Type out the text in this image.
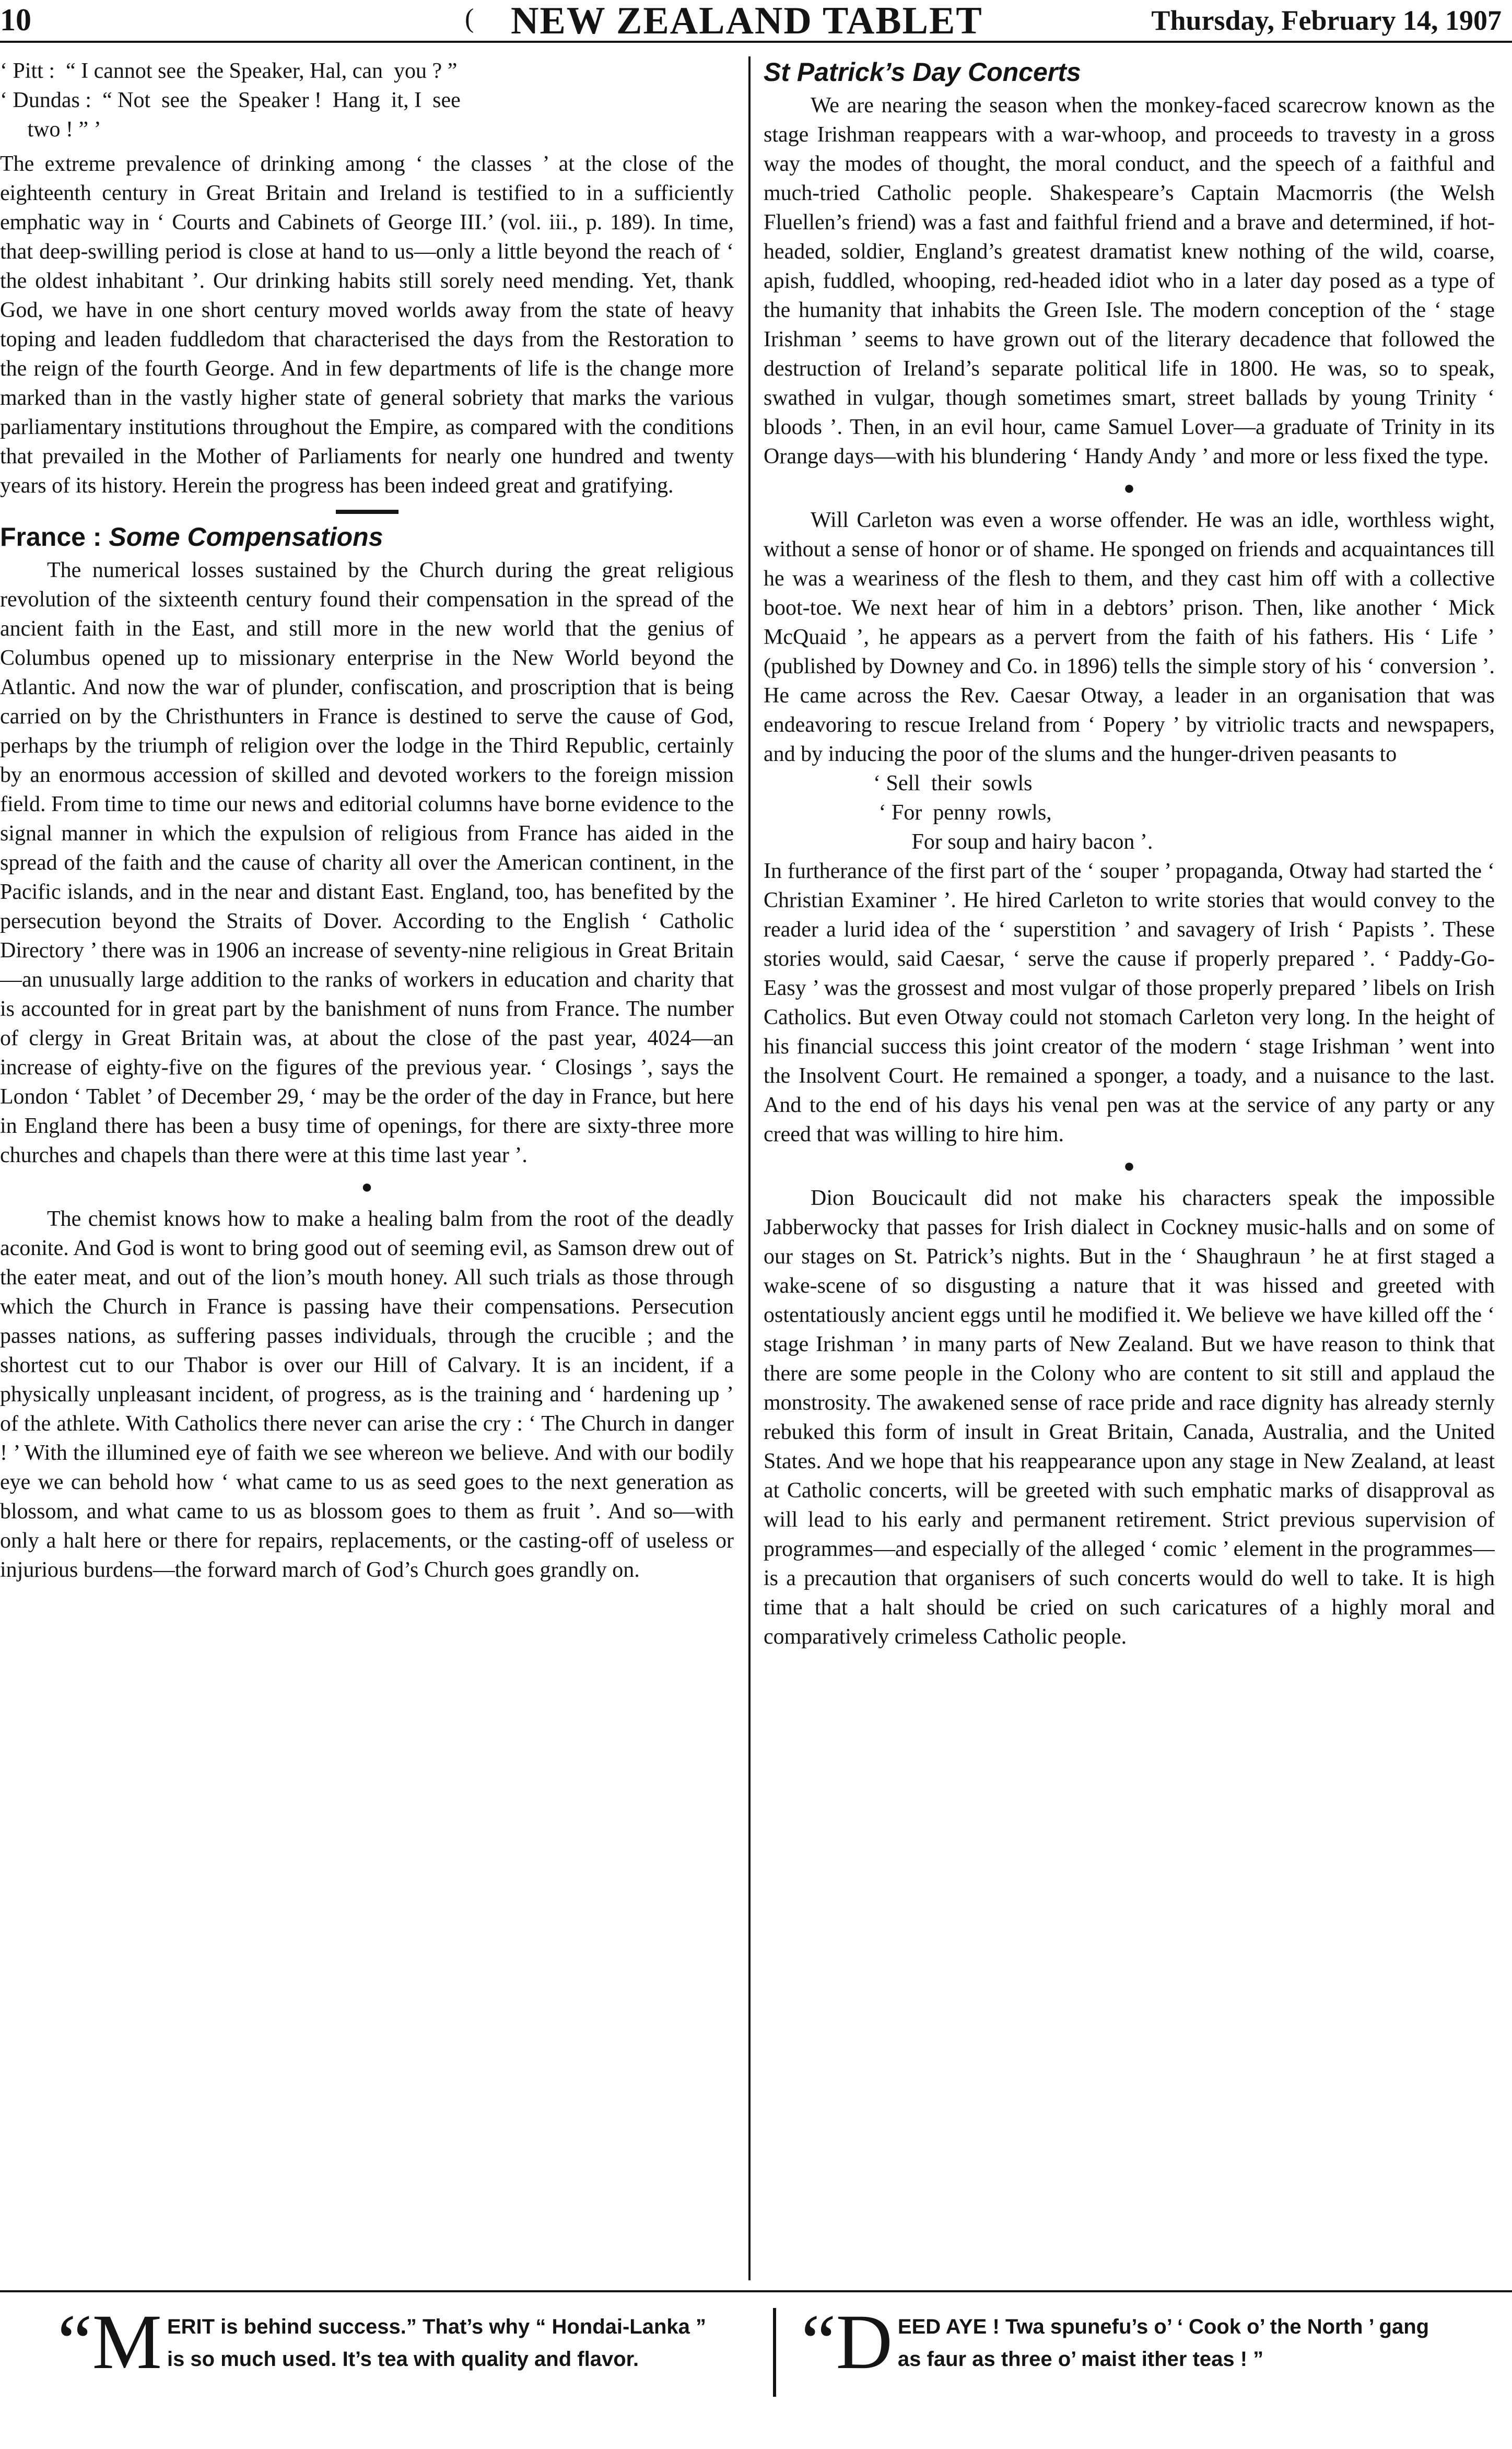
10	( NEW ZEALAND TABLET	Thursday, February 14, 1907
‘ Pitt :  “ I cannot see  the Speaker, Hal, can  you ? ”
‘ Dundas :  “ Not  see  the  Speaker !  Hang  it, I  see
two ! ” ’

The extreme prevalence of drinking among ‘ the classes ’ at the close of the eighteenth century in Great Britain and Ireland is testified to in a sufficiently emphatic way in ‘ Courts and Cabinets of George III.’ (vol. iii., p. 189). In time, that deep-swilling period is close at hand to us—only a little beyond the reach of ‘ the oldest inhabitant ’. Our drinking habits still sorely need mending. Yet, thank God, we have in one short century moved worlds away from the state of heavy toping and leaden fuddledom that characterised the days from the Restoration to the reign of the fourth George. And in few departments of life is the change more marked than in the vastly higher state of general sobriety that marks the various parliamentary institutions throughout the Empire, as compared with the conditions that prevailed in the Mother of Parliaments for nearly one hundred and twenty years of its history. Herein the progress has been indeed great and gratifying.

France : Some Compensations

The numerical losses sustained by the Church during the great religious revolution of the sixteenth century found their compensation in the spread of the ancient faith in the East, and still more in the new world that the genius of Columbus opened up to missionary enterprise in the New World beyond the Atlantic. And now the war of plunder, confiscation, and proscription that is being carried on by the Christhunters in France is destined to serve the cause of God, perhaps by the triumph of religion over the lodge in the Third Republic, certainly by an enormous accession of skilled and devoted workers to the foreign mission field. From time to time our news and editorial columns have borne evidence to the signal manner in which the expulsion of religious from France has aided in the spread of the faith and the cause of charity all over the American continent, in the Pacific islands, and in the near and distant East. England, too, has benefited by the persecution beyond the Straits of Dover. According to the English ‘ Catholic Directory ’ there was in 1906 an increase of seventy-nine religious in Great Britain—an unusually large addition to the ranks of workers in education and charity that is accounted for in great part by the banishment of nuns from France. The number of clergy in Great Britain was, at about the close of the past year, 4024—an increase of eighty-five on the figures of the previous year. ‘ Closings ’, says the London ‘ Tablet ’ of December 29, ‘ may be the order of the day in France, but here in England there has been a busy time of openings, for there are sixty-three more churches and chapels than there were at this time last year ’.

●

The chemist knows how to make a healing balm from the root of the deadly aconite. And God is wont to bring good out of seeming evil, as Samson drew out of the eater meat, and out of the lion’s mouth honey. All such trials as those through which the Church in France is passing have their compensations. Persecution passes nations, as suffering passes individuals, through the crucible ; and the shortest cut to our Thabor is over our Hill of Calvary. It is an incident, if a physically unpleasant incident, of progress, as is the training and ‘ hardening up ’ of the athlete. With Catholics there never can arise the cry : ‘ The Church in danger ! ’ With the illumined eye of faith we see whereon we believe. And with our bodily eye we can behold how ‘ what came to us as seed goes to the next generation as blossom, and what came to us as blossom goes to them as fruit ’. And so—with only a halt here or there for repairs, replacements, or the casting-off of useless or injurious burdens—the forward march of God’s Church goes grandly on.

St Patrick’s Day Concerts

We are nearing the season when the monkey-faced scarecrow known as the stage Irishman reappears with a war-whoop, and proceeds to travesty in a gross way the modes of thought, the moral conduct, and the speech of a faithful and much-tried Catholic people. Shakespeare’s Captain Macmorris (the Welsh Fluellen’s friend) was a fast and faithful friend and a brave and determined, if hot-headed, soldier, England’s greatest dramatist knew nothing of the wild, coarse, apish, fuddled, whooping, red-headed idiot who in a later day posed as a type of the humanity that inhabits the Green Isle. The modern conception of the ‘ stage Irishman ’ seems to have grown out of the literary decadence that followed the destruction of Ireland’s separate political life in 1800. He was, so to speak, swathed in vulgar, though sometimes smart, street ballads by young Trinity ‘ bloods ’. Then, in an evil hour, came Samuel Lover—a graduate of Trinity in its Orange days—with his blundering ‘ Handy Andy ’ and more or less fixed the type.

●

Will Carleton was even a worse offender. He was an idle, worthless wight, without a sense of honor or of shame. He sponged on friends and acquaintances till he was a weariness of the flesh to them, and they cast him off with a collective boot-toe. We next hear of him in a debtors’ prison. Then, like another ‘ Mick McQuaid ’, he appears as a pervert from the faith of his fathers. His ‘ Life ’ (published by Downey and Co. in 1896) tells the simple story of his ‘ conversion ’. He came across the Rev. Caesar Otway, a leader in an organisation that was endeavoring to rescue Ireland from ‘ Popery ’ by vitriolic tracts and newspapers, and by inducing the poor of the slums and the hunger-driven peasants to

‘ Sell  their  sowls
‘ For  penny  rowls,
For soup and hairy bacon ’.

In furtherance of the first part of the ‘ souper ’ propaganda, Otway had started the ‘ Christian Examiner ’. He hired Carleton to write stories that would convey to the reader a lurid idea of the ‘ superstition ’ and savagery of Irish ‘ Papists ’. These stories would, said Caesar, ‘ serve the cause if properly prepared ’. ‘ Paddy-Go-Easy ’ was the grossest and most vulgar of those properly prepared ’ libels on Irish Catholics. But even Otway could not stomach Carleton very long. In the height of his financial success this joint creator of the modern ‘ stage Irishman ’ went into the Insolvent Court. He remained a sponger, a toady, and a nuisance to the last. And to the end of his days his venal pen was at the service of any party or any creed that was willing to hire him.

●

Dion Boucicault did not make his characters speak the impossible Jabberwocky that passes for Irish dialect in Cockney music-halls and on some of our stages on St. Patrick’s nights. But in the ‘ Shaughraun ’ he at first staged a wake-scene of so disgusting a nature that it was hissed and greeted with ostentatiously ancient eggs until he modified it. We believe we have killed off the ‘ stage Irishman ’ in many parts of New Zealand. But we have reason to think that there are some people in the Colony who are content to sit still and applaud the monstrosity. The awakened sense of race pride and race dignity has already sternly rebuked this form of insult in Great Britain, Canada, Australia, and the United States. And we hope that his reappearance upon any stage in New Zealand, at least at Catholic concerts, will be greeted with such emphatic marks of disapproval as will lead to his early and permanent retirement. Strict previous supervision of programmes—and especially of the alleged ‘ comic ’ element in the programmes—is a precaution that organisers of such concerts would do well to take. It is high time that a halt should be cried on such caricatures of a highly moral and comparatively crimeless Catholic people.

“M ERIT is behind success.” That’s why “ Hondai-Lanka ”
is so much used. It’s tea with quality and flavor.	“D EED AYE ! Twa spunefu’s o’ ‘ Cook o’ the North ’ gang
as faur as three o’ maist ither teas ! ”
